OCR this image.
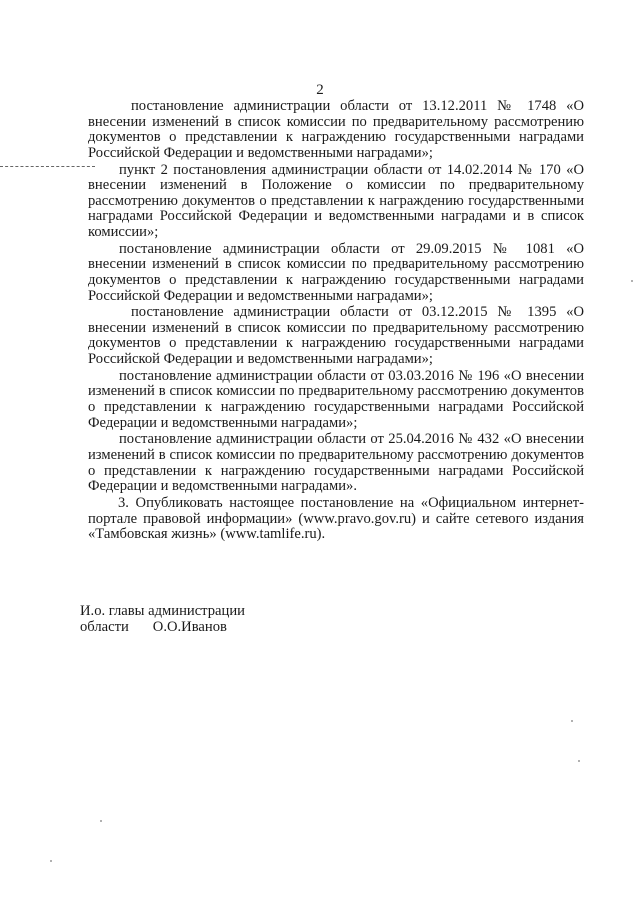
2

постановление администрации области от 13.12.2011 № 1748 «О внесении изменений в список комиссии по предварительному рассмотрению документов о представлении к награждению государственными наградами Российской Федерации и ведомственными наградами»;

пункт 2 постановления администрации области от 14.02.2014 № 170 «О внесении изменений в Положение о комиссии по предварительному рассмотрению документов о представлении к награждению государственными наградами Российской Федерации и ведомственными наградами и в список комиссии»;

постановление администрации области от 29.09.2015 № 1081 «О внесении изменений в список комиссии по предварительному рассмотрению документов о представлении к награждению государственными наградами Российской Федерации и ведомственными наградами»;

постановление администрации области от 03.12.2015 № 1395 «О внесении изменений в список комиссии по предварительному рассмотрению документов о представлении к награждению государственными наградами Российской Федерации и ведомственными наградами»;

постановление администрации области от 03.03.2016 № 196 «О внесении изменений в список комиссии по предварительному рассмотрению документов о представлении к награждению государственными наградами Российской Федерации и ведомственными наградами»;

постановление администрации области от 25.04.2016 № 432 «О внесении изменений в список комиссии по предварительному рассмотрению документов о представлении к награждению государственными наградами Российской Федерации и ведомственными наградами».

3. Опубликовать настоящее постановление на «Официальном интернет-портале правовой информации» (www.pravo.gov.ru) и сайте сетевого издания «Тамбовская жизнь» (www.tamlife.ru).

И.о. главы администрации
области О.О.Иванов
